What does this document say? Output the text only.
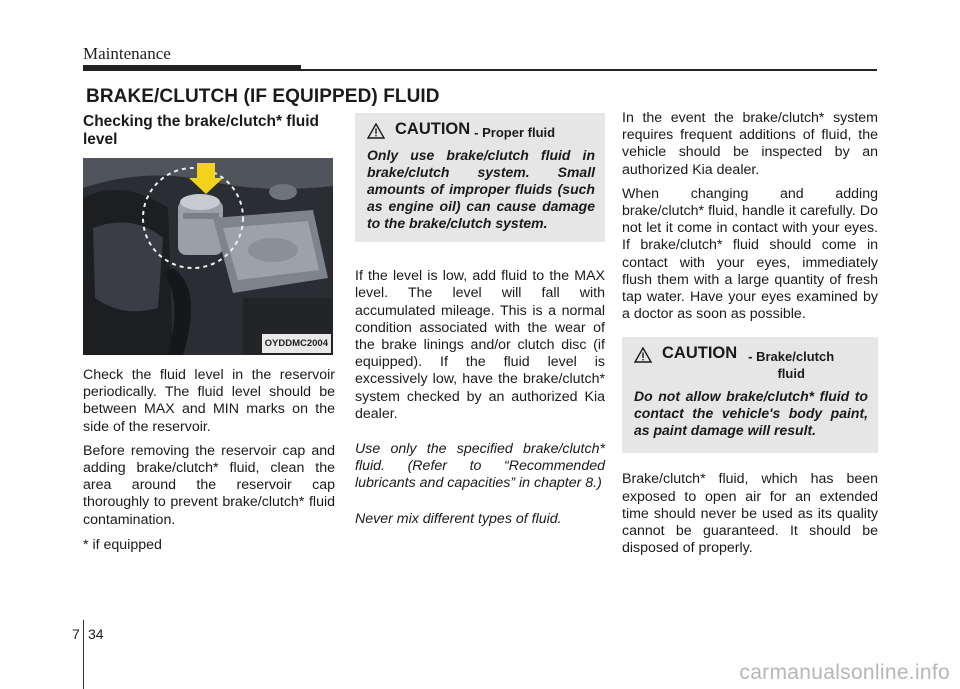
Maintenance
BRAKE/CLUTCH (IF EQUIPPED) FLUID
Checking the brake/clutch* fluid level
OYDDMC2004

Check the fluid level in the reservoir periodically. The fluid level should be between MAX and MIN marks on the side of the reservoir.

Before removing the reservoir cap and adding brake/clutch* fluid, clean the area around the reservoir cap thoroughly to prevent brake/clutch* fluid contamination.

* if equipped

CAUTION - Proper fluid
Only use brake/clutch fluid in brake/clutch system. Small amounts of improper fluids (such as engine oil) can cause damage to the brake/clutch system.

If the level is low, add fluid to the MAX level. The level will fall with accumulated mileage. This is a normal condition associated with the wear of the brake linings and/or clutch disc (if equipped). If the fluid level is excessively low, have the brake/clutch* system checked by an authorized Kia dealer.

Use only the specified brake/clutch* fluid. (Refer to “Recommended lubricants and capacities” in chapter 8.)

Never mix different types of fluid.

In the event the brake/clutch* system requires frequent additions of fluid, the vehicle should be inspected by an authorized Kia dealer.

When changing and adding brake/clutch* fluid, handle it carefully. Do not let it come in contact with your eyes. If brake/clutch* fluid should come in contact with your eyes, immediately flush them with a large quantity of fresh tap water. Have your eyes examined by a doctor as soon as possible.

CAUTION - Brake/clutch fluid
Do not allow brake/clutch* fluid to contact the vehicle's body paint, as paint damage will result.

Brake/clutch* fluid, which has been exposed to open air for an extended time should never be used as its quality cannot be guaranteed. It should be disposed of properly.

7 34
carmanualsonline.info
